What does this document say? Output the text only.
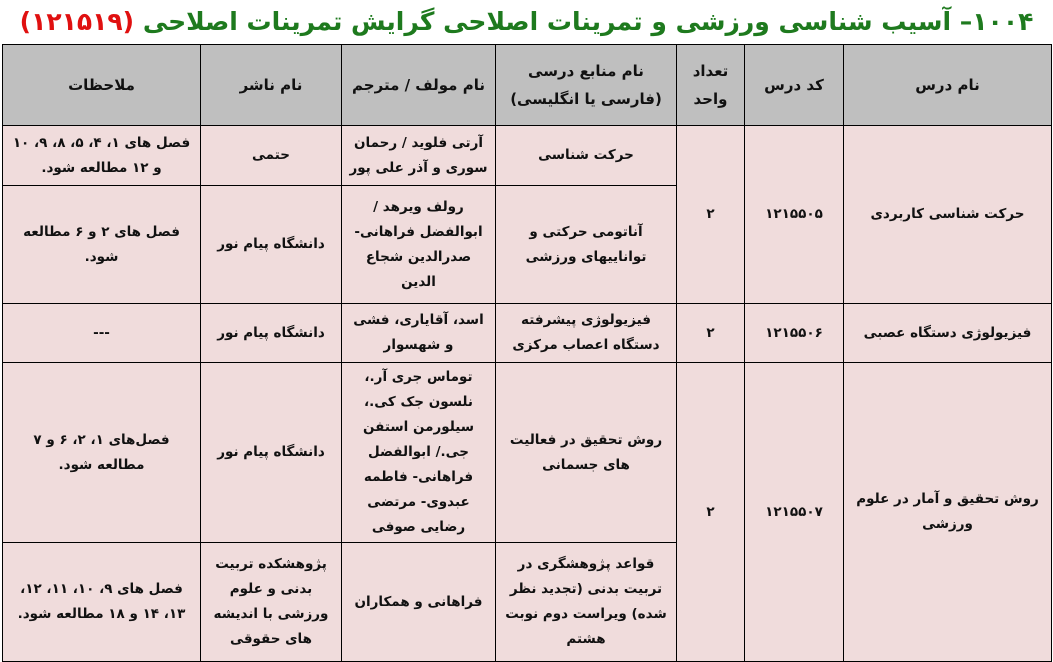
۱۰۰۴– آسیب شناسی ورزشی و تمرینات اصلاحی گرایش تمرینات اصلاحی (۱۲۱۵۱۹)
نام درس	کد درس	تعداد واحد	نام منابع درسی (فارسی یا انگلیسی)	نام مولف / مترجم	نام ناشر	ملاحظات
حرکت شناسی کاربردی	۱۲۱۵۵۰۵	۲	حرکت شناسی	آرتی فلوید / رحمان سوری و آذر علی پور	حتمی	فصل های ۱، ۴، ۵، ۸، ۹، ۱۰ و ۱۲ مطالعه شود.
			آناتومی حرکتی و تواناییهای ورزشی	رولف ویرهد / ابوالفضل فراهانی- صدرالدین شجاع الدین	دانشگاه پیام نور	فصل های ۲ و ۶ مطالعه شود.
فیزیولوژی دستگاه عصبی	۱۲۱۵۵۰۶	۲	فیزیولوژی پیشرفته دستگاه اعصاب مرکزی	اسد، آقایاری، فشی و شهسوار	دانشگاه پیام نور	---
روش تحقیق و آمار در علوم ورزشی	۱۲۱۵۵۰۷	۲	روش تحقیق در فعالیت های جسمانی	توماس جری آر.، نلسون جک کی.، سیلورمن استفن جی./ ابوالفضل فراهانی- فاطمه عبدوی- مرتضی رضایی صوفی	دانشگاه پیام نور	فصل‌های ۱، ۲، ۶ و ۷ مطالعه شود.
			قواعد پژوهشگری در تربیت بدنی (تجدید نظر شده) ویراست دوم نوبت هشتم	فراهانی و همکاران	پژوهشکده تربیت بدنی و علوم ورزشی با اندیشه های حقوقی	فصل های ۹، ۱۰، ۱۱، ۱۲، ۱۳، ۱۴ و ۱۸ مطالعه شود.
